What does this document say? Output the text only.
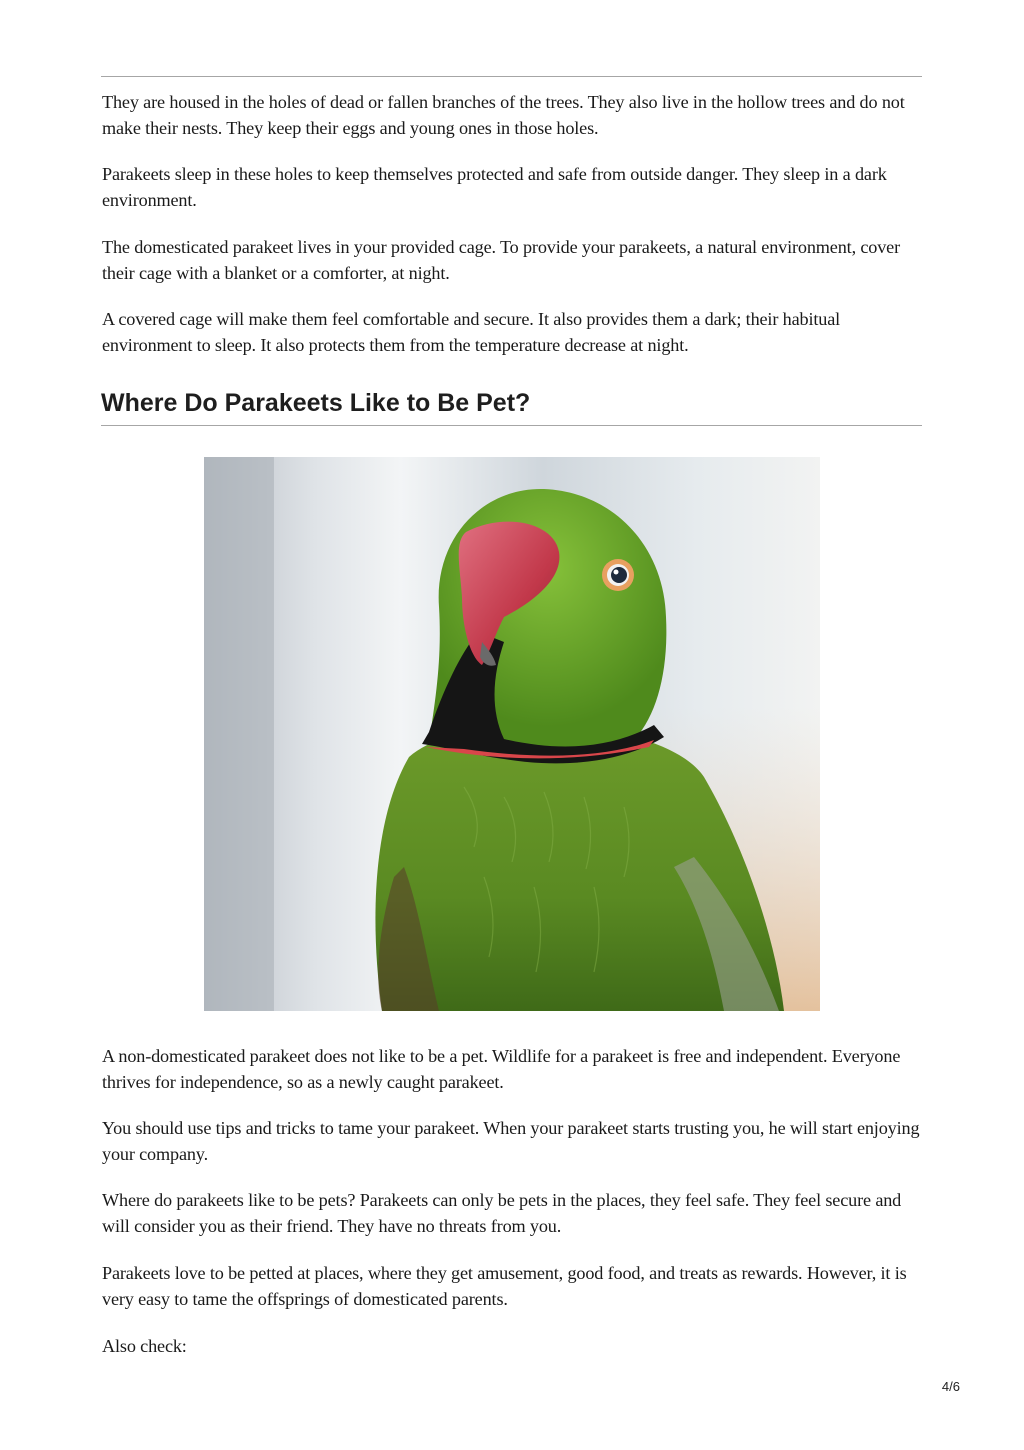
They are housed in the holes of dead or fallen branches of the trees. They also live in the hollow trees and do not make their nests. They keep their eggs and young ones in those holes.

Parakeets sleep in these holes to keep themselves protected and safe from outside danger. They sleep in a dark environment.

The domesticated parakeet lives in your provided cage. To provide your parakeets, a natural environment, cover their cage with a blanket or a comforter, at night.

A covered cage will make them feel comfortable and secure. It also provides them a dark; their habitual environment to sleep. It also protects them from the temperature decrease at night.

Where Do Parakeets Like to Be Pet?

A non-domesticated parakeet does not like to be a pet. Wildlife for a parakeet is free and independent. Everyone thrives for independence, so as a newly caught parakeet.

You should use tips and tricks to tame your parakeet. When your parakeet starts trusting you, he will start enjoying your company.

Where do parakeets like to be pets? Parakeets can only be pets in the places, they feel safe. They feel secure and will consider you as their friend. They have no threats from you.

Parakeets love to be petted at places, where they get amusement, good food, and treats as rewards. However, it is very easy to tame the offsprings of domesticated parents.

Also check:

4/6
